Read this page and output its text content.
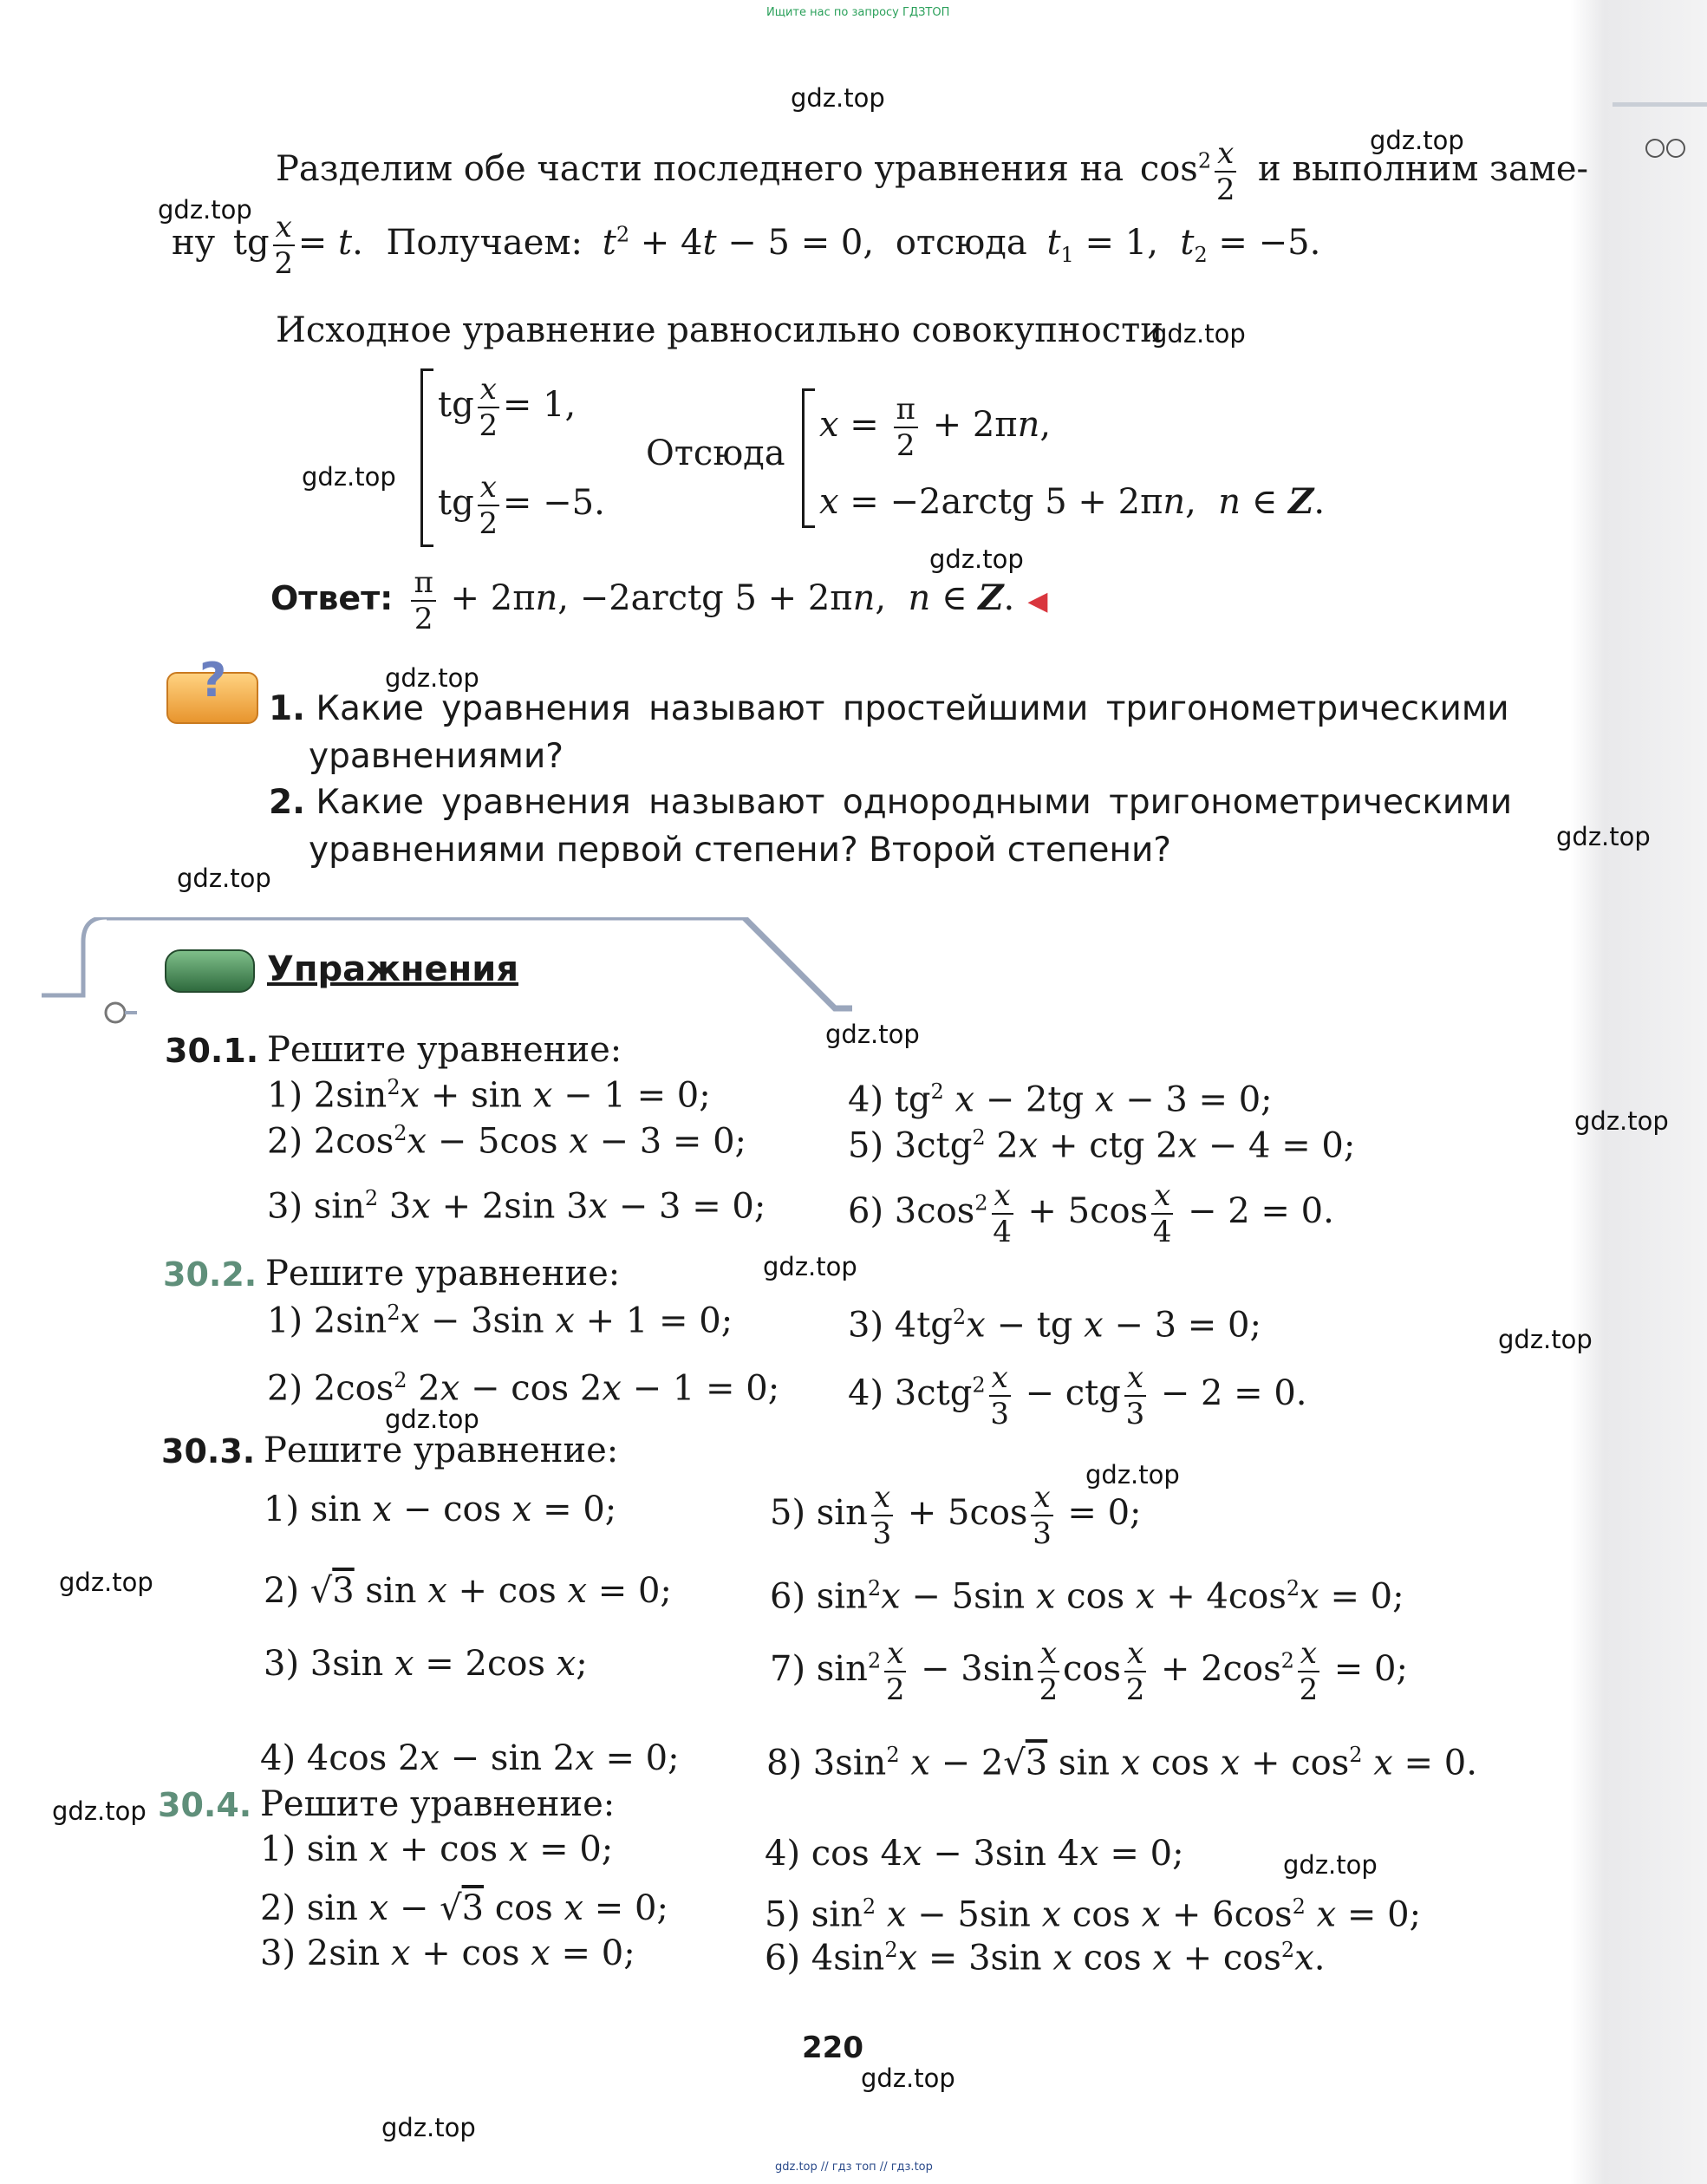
Ищите нас по запросу ГДЗТОП
gdz.top // гдз топ // гдз.top
Разделим обе части последнего уравнения на $\cos^2 \frac{x}{2}$ и выполним заме-
ну tg $\frac{x}{2} = t$. Получаем: $t^2 + 4t - 5 = 0$, отсюда $t_1 = 1$,  $t_2 = -5$.
Исходное уравнение равносильно совокупности
tg $\frac{x}{2} = 1$,
tg $\frac{x}{2} = -5$.
Отсюда
$x = \frac{\pi}{2} + 2\pi n$,
x = −2arctg 5 + 2πn,  n ∈ Z.
Ответ: $\frac{\pi}{2} + 2\pi n$, −2arctg 5 + 2πn,  n ∈ Z. ◀
?
1. Какие уравнения называют простейшими тригонометрическими
уравнениями?
2. Какие уравнения называют однородными тригонометрическими
уравнениями первой степени? Второй степени?
Упражнения
30.1. Решите уравнение:
1) $2\sin^2x + \sin x - 1 = 0$;
2) $2\cos^2x - 5\cos$ x − 3 = 0;
3) $\sin^2 3x + 2\sin$ 3x − 3 = 0;
4) $tg^2$ x − 2tg x − 3 = 0;
5) 3ctg$^2$ 2x + ctg 2x − 4 = 0;
6) $3\cos^2 \frac{x}{4} + 5\cos \frac{x}{4} - 2 = 0$.
30.2. Решите уравнение:
1) $2\sin^2x - 3\sin$ x + 1 = 0;
2) $2\cos^2$ 2x − cos 2x − 1 = 0;
3) $4tg^2x$ − tg x − 3 = 0;
4) $3ctg^2 \frac{x}{3}$ − ctg $\frac{x}{3} - 2 = 0$.
30.3. Решите уравнение:
1) sin x − cos x = 0;
2) √3 sin x + cos x = 0;
3) 3sin x = 2cos x;
4) 4cos 2x − sin 2x = 0;
5) $\sin \frac{x}{3} + 5\cos \frac{x}{3} = 0$;
6) $\sin^2x - 5\sin$ x $\cos x + 4\cos^2x = 0$;
7) $\sin^2 \frac{x}{2} - 3\sin \frac{x}{2}$ $\cos \frac{x}{2} + 2\cos^2 \frac{x}{2} = 0$;
8) $3\sin^2$ x − 2√3 sin x $\cos x + \cos^2 x = 0$.
30.4. Решите уравнение:
1) sin x + cos x = 0;
2) sin x − √3 cos x = 0;
3) 2sin x + cos x = 0;
4) cos 4x − 3sin 4x = 0;
5) $\sin^2 x - 5\sin$ x $\cos x + 6\cos^2$ x = 0;
6) $4\sin^2x = 3\sin$ x $\cos x + \cos^2x$.
220
gdz.top
gdz.top
gdz.top
gdz.top
gdz.top
gdz.top
gdz.top
gdz.top
gdz.top
gdz.top
gdz.top
gdz.top
gdz.top
gdz.top
gdz.top
gdz.top
gdz.top
gdz.top
gdz.top
gdz.top
